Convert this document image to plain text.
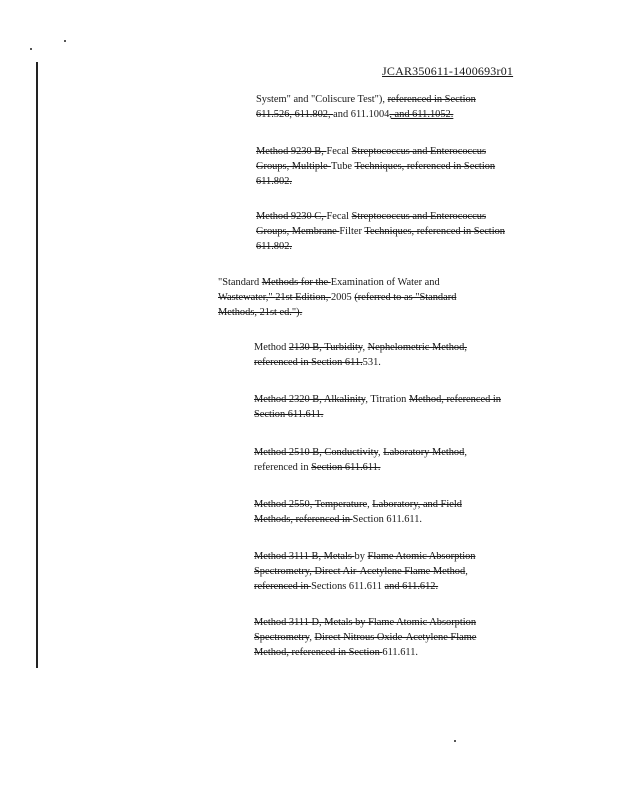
JCAR350611-1400693r01
System" and "Coliscure Test"), referenced in Section
611.526, 611.802, and 611.1004, and 611.1052.
Method 9230 B, Fecal Streptococcus and Enterococcus
Groups, Multiple-Tube Techniques, referenced in Section
611.802.
Method 9230 C, Fecal Streptococcus and Enterococcus
Groups, Membrane Filter Techniques, referenced in Section
611.802.
"Standard Methods for the Examination of Water and
Wastewater," 21st Edition, 2005 (referred to as "Standard
Methods, 21st ed.").
Method 2130 B, Turbidity, Nephelometric Method,
referenced in Section 611.531.
Method 2320 B, Alkalinity, Titration Method, referenced in
Section 611.611.
Method 2510 B, Conductivity, Laboratory Method,
referenced in Section 611.611.
Method 2550, Temperature, Laboratory, and Field
Methods, referenced in Section 611.611.
Method 3111 B, Metals by Flame Atomic Absorption
Spectrometry, Direct Air-Acetylene Flame Method,
referenced in Sections 611.611 and 611.612.
Method 3111 D, Metals by Flame Atomic Absorption
Spectrometry, Direct Nitrous Oxide-Acetylene Flame
Method, referenced in Section 611.611.
